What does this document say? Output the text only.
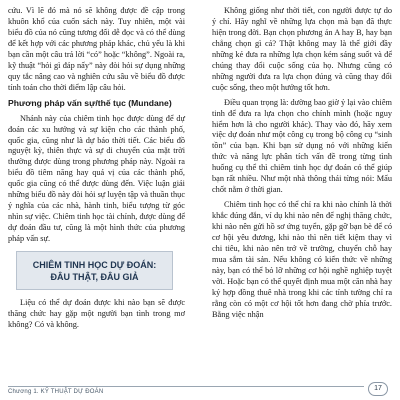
cứu. Vì lẽ đó mà nó sẽ không được đề cập trong khuôn khổ của cuốn sách này. Tuy nhiên, một vài biểu đồ của nó cũng tương đối dễ đọc và có thể dùng để kết hợp với các phương pháp khác, chủ yếu là khi bạn cần một câu trả lời “có” hoặc “không”. Ngoài ra, kỹ thuật “hỏi gì đáp nấy” này đòi hỏi sự dụng những quy tắc nâng cao và nghiên cứu sâu về biểu đồ được tính toán cho thời điểm lập câu hỏi.

Phương pháp vấn sự/thế tục (Mundane)

Nhánh này của chiêm tinh học được dùng để dự đoán các xu hướng và sự kiện cho các thành phố, quốc gia, cũng như là dự báo thời tiết. Các biểu đồ nguyệt kỳ, thiên thực và sự di chuyển của mặt trời thường được dùng trong phương pháp này. Ngoài ra biểu đồ tiêm năng hay quá vị của các thành phố, quốc gia cũng có thể được dùng đến. Việc luận giải những biểu đồ này đòi hỏi sự luyện tập và thuần thục ý nghĩa của các nhà, hành tinh, biểu tượng từ góc nhìn sự việc. Chiêm tinh học tài chính, được dùng để dự đoán đầu tư, cũng là một hình thức của phương pháp vấn sự.

CHIÊM TINH HỌC DỰ ĐOÁN:
ĐÂU THẬT, ĐÂU GIẢ

Liệu có thể dự đoán được khi nào bạn sẽ được thăng chức hay gặp một người bạn tình trong mơ không? Có và không.

Không giống như thời tiết, con người được tự do ý chí. Hãy nghĩ về những lựa chọn mà bạn đã thực hiện trong đời. Bạn chọn phương án A hay B, hay bạn chẳng chọn gì cả? Thật không may là thế giới đầy những kẻ đưa ra những lựa chọn kém sáng suốt và để chúng thay đổi cuộc sống của họ. Nhưng cũng có những người đưa ra lựa chọn đúng và cũng thay đổi cuộc sống, theo một hướng tốt hơn.

Điều quan trọng là: dường bao giờ ỷ lại vào chiêm tinh để đưa ra lựa chọn cho chính mình (hoặc nguy hiểm hơn là cho người khác). Thay vào đó, hãy xem việc dự đoán như một công cụ trong bộ công cụ “sinh tồn” của bạn. Khi bạn sử dụng nó với những kiến thức và năng lực phân tích vấn đề trong từng tình huống cụ thể thì chiêm tinh học dự đoán có thể giúp bạn rất nhiều. Như một nhà thông thái từng nói: Mấu chốt nằm ở thời gian.

Chiêm tinh học có thể chỉ ra khi nào chính là thời khắc đúng đắn, ví dụ khi nào nên để nghị thăng chức, khi nào nên gửi hồ sơ ứng tuyển, gặp gỡ bạn bè để có cơ hội yêu đương, khi nào thì nên tiết kiệm thay vì chi tiêu, khi nào nên trở về trường, chuyển chỗ hay mua sắm tài sản. Nếu không có kiến thức về những này, bạn có thể bỏ lỡ những cơ hội nghề nghiệp tuyệt vời. Hoặc bạn có thể quyết định mua một căn nhà hay ký hợp đồng thuê nhà trong khi các tính tường chỉ ra rằng còn có một cơ hội tốt hơn đang chờ phía trước. Bằng việc nhận

Chương 1. KỸ THUẬT DỰ ĐOÁN	17
